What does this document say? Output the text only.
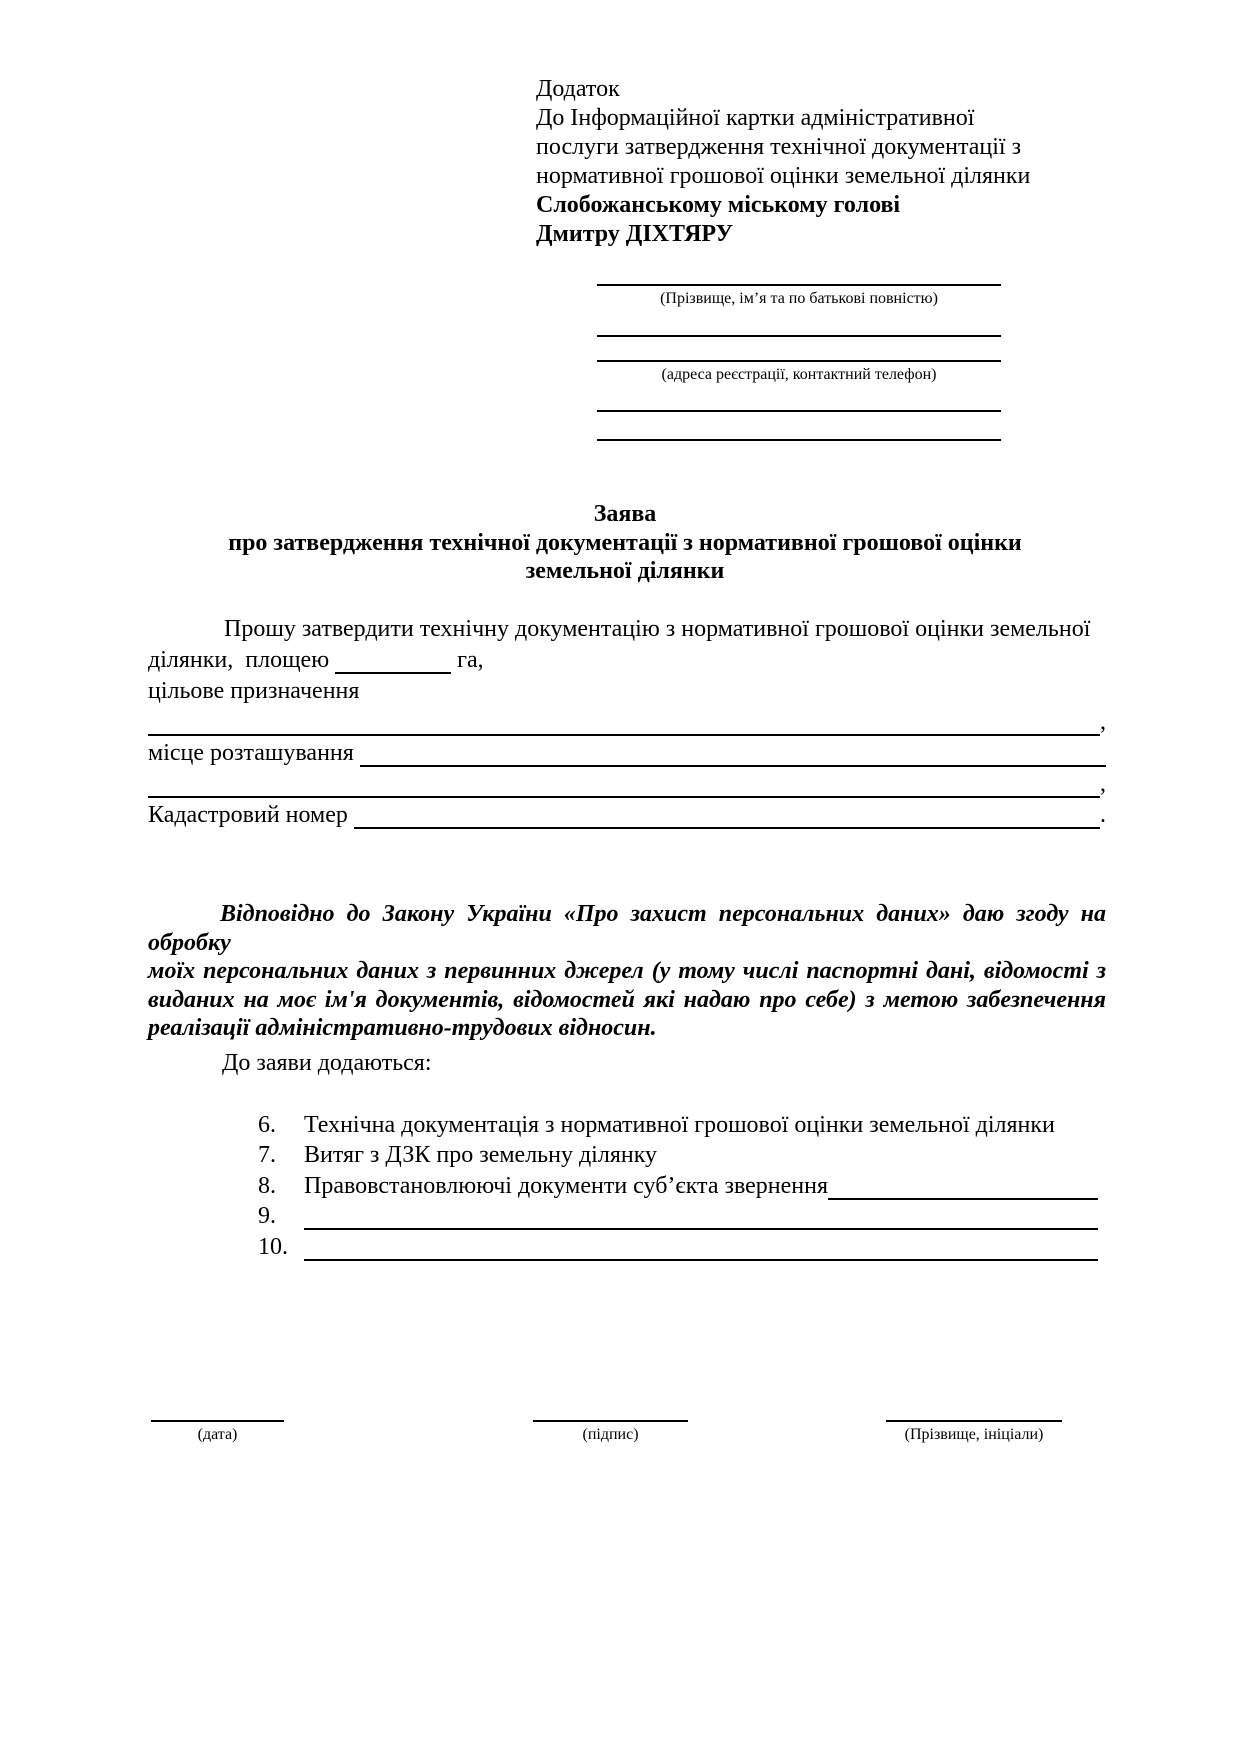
Додаток
До Інформаційної картки адміністративної
послуги затвердження технічної документації з
нормативної грошової оцінки земельної ділянки
Слобожанському міському голові
Дмитру ДІХТЯРУ
(Прізвище, ім’я та по батькові повністю)
(адреса реєстрації, контактний телефон)
Заява
про затвердження технічної документації з нормативної грошової оцінки
земельної ділянки
Прошу затвердити технічну документацію з нормативної грошової оцінки земельної
ділянки,  площею	га,
цільове призначення
,
місце розташування
,
Кадастровий номер	.
Відповідно до Закону України «Про захист персональних даних» даю згоду на обробку
моїх персональних даних з первинних джерел (у тому числі паспортні дані, відомості з
виданих на моє ім'я документів, відомостей які надаю про себе) з метою забезпечення
реалізації адміністративно-трудових відносин.
До заяви додаються:
6.	Технічна документація з нормативної грошової оцінки земельної ділянки
7.	Витяг з ДЗК про земельну ділянку
8.	Правовстановлюючі документи суб’єкта звернення
9.
10.
(дата)	(підпис)	(Прізвище, ініціали)
